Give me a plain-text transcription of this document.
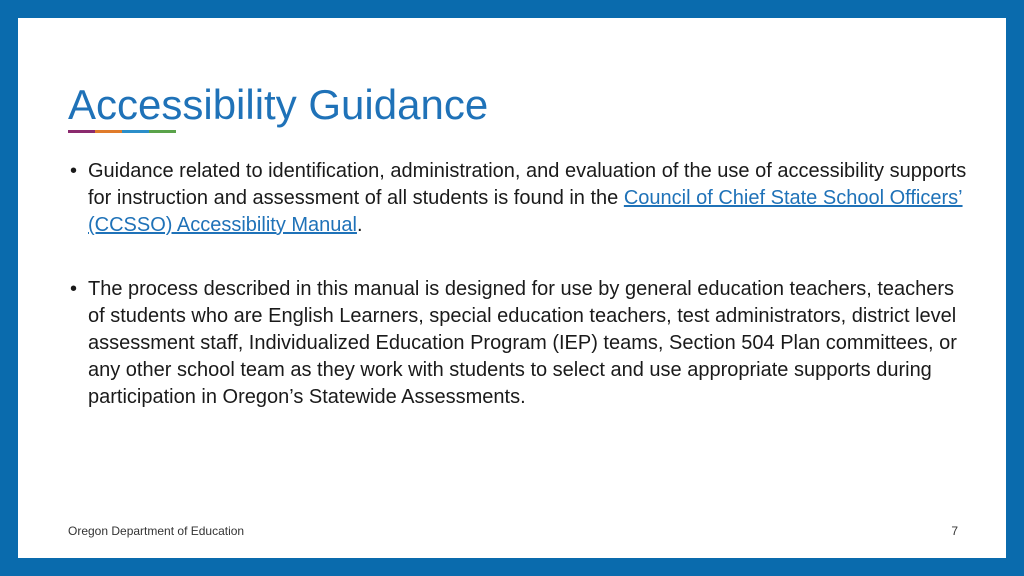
Accessibility Guidance
• Guidance related to identification, administration, and evaluation of the use of accessibility supports for instruction and assessment of all students is found in the Council of Chief State School Officers’ (CCSSO) Accessibility Manual.
• The process described in this manual is designed for use by general education teachers, teachers of students who are English Learners, special education teachers, test administrators, district level assessment staff, Individualized Education Program (IEP) teams, Section 504 Plan committees, or any other school team as they work with students to select and use appropriate supports during participation in Oregon’s Statewide Assessments.
Oregon Department of Education	7
